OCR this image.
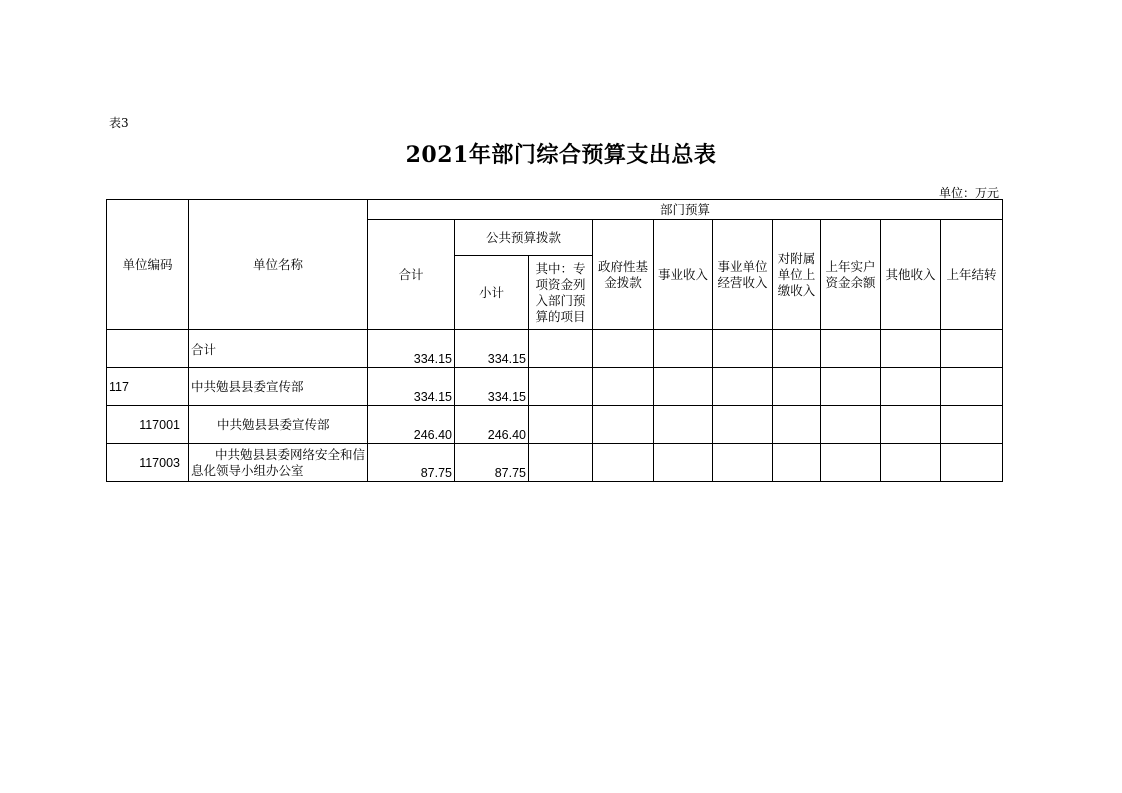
表3
2021年部门综合预算支出总表
单位：万元
单位编码	单位名称	部门预算									
		合计	公共预算拨款		政府性基金拨款	事业收入	事业单位经营收入	对附属单位上缴收入	上年实户资金余额	其他收入	上年结转
			小计	其中：专项资金列入部门预算的项目							
	合计	334.15	334.15								
117	中共勉县县委宣传部	334.15	334.15								
117001	中共勉县县委宣传部	246.40	246.40								
117003	中共勉县县委网络安全和信息化领导小组办公室	87.75	87.75								
